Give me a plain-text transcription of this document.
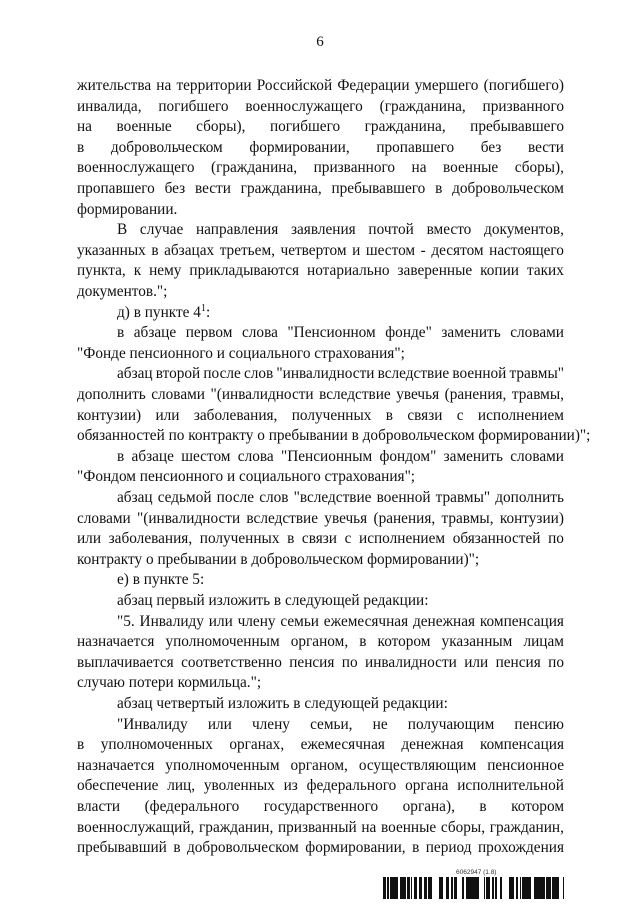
6
жительства на территории Российской Федерации умершего (погибшего)
инвалида, погибшего военнослужащего (гражданина, призванного
на военные сборы), погибшего гражданина, пребывавшего
в добровольческом формировании, пропавшего без вести
военнослужащего (гражданина, призванного на военные сборы),
пропавшего без вести гражданина, пребывавшего в добровольческом
формировании.
В случае направления заявления почтой вместо документов,
указанных в абзацах третьем, четвертом и шестом - десятом настоящего
пункта, к нему прикладываются нотариально заверенные копии таких
документов.";
д) в пункте $4^1$:
в абзаце первом слова "Пенсионном фонде" заменить словами
"Фонде пенсионного и социального страхования";
абзац второй после слов "инвалидности вследствие военной травмы"
дополнить словами "(инвалидности вследствие увечья (ранения, травмы,
контузии) или заболевания, полученных в связи с исполнением
обязанностей по контракту о пребывании в добровольческом формировании)";
в абзаце шестом слова "Пенсионным фондом" заменить словами
"Фондом пенсионного и социального страхования";
абзац седьмой после слов "вследствие военной травмы" дополнить
словами "(инвалидности вследствие увечья (ранения, травмы, контузии)
или заболевания, полученных в связи с исполнением обязанностей по
контракту о пребывании в добровольческом формировании)";
е) в пункте 5:
абзац первый изложить в следующей редакции:
"5. Инвалиду или члену семьи ежемесячная денежная компенсация
назначается уполномоченным органом, в котором указанным лицам
выплачивается соответственно пенсия по инвалидности или пенсия по
случаю потери кормильца.";
абзац четвертый изложить в следующей редакции:
"Инвалиду или члену семьи, не получающим пенсию
в уполномоченных органах, ежемесячная денежная компенсация
назначается уполномоченным органом, осуществляющим пенсионное
обеспечение лиц, уволенных из федерального органа исполнительной
власти (федерального государственного органа), в котором
военнослужащий, гражданин, призванный на военные сборы, гражданин,
пребывавший в добровольческом формировании, в период прохождения
6062947 (1.8)
